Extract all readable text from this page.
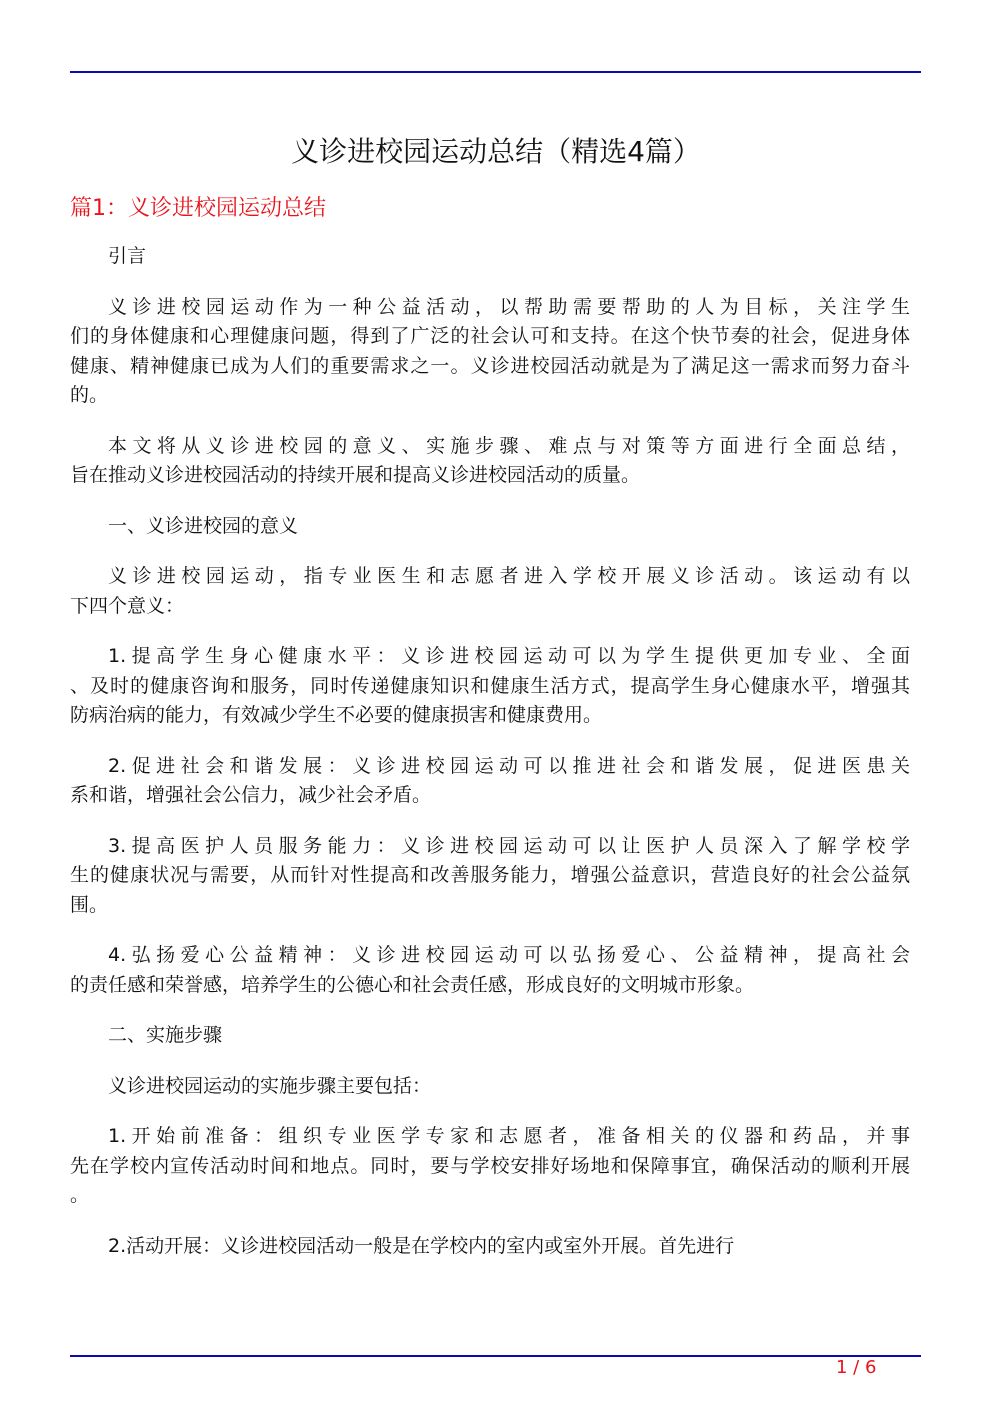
义诊进校园运动总结（精选4篇）
篇1：义诊进校园运动总结
引言
义诊进校园运动作为一种公益活动，以帮助需要帮助的人为目标，关注学生
们的身体健康和心理健康问题，得到了广泛的社会认可和支持。在这个快节奏的社会，促进身体
健康、精神健康已成为人们的重要需求之一。义诊进校园活动就是为了满足这一需求而努力奋斗
的。
本文将从义诊进校园的意义、实施步骤、难点与对策等方面进行全面总结，
旨在推动义诊进校园活动的持续开展和提高义诊进校园活动的质量。
一、义诊进校园的意义
义诊进校园运动，指专业医生和志愿者进入学校开展义诊活动。该运动有以
下四个意义：
1.提高学生身心健康水平：义诊进校园运动可以为学生提供更加专业、全面
、及时的健康咨询和服务，同时传递健康知识和健康生活方式，提高学生身心健康水平，增强其
防病治病的能力，有效减少学生不必要的健康损害和健康费用。
2.促进社会和谐发展：义诊进校园运动可以推进社会和谐发展，促进医患关
系和谐，增强社会公信力，减少社会矛盾。
3.提高医护人员服务能力：义诊进校园运动可以让医护人员深入了解学校学
生的健康状况与需要，从而针对性提高和改善服务能力，增强公益意识，营造良好的社会公益氛
围。
4.弘扬爱心公益精神：义诊进校园运动可以弘扬爱心、公益精神，提高社会
的责任感和荣誉感，培养学生的公德心和社会责任感，形成良好的文明城市形象。
二、实施步骤
义诊进校园运动的实施步骤主要包括：
1.开始前准备：组织专业医学专家和志愿者，准备相关的仪器和药品，并事
先在学校内宣传活动时间和地点。同时，要与学校安排好场地和保障事宜，确保活动的顺利开展
。
2.活动开展：义诊进校园活动一般是在学校内的室内或室外开展。首先进行
1 / 6
